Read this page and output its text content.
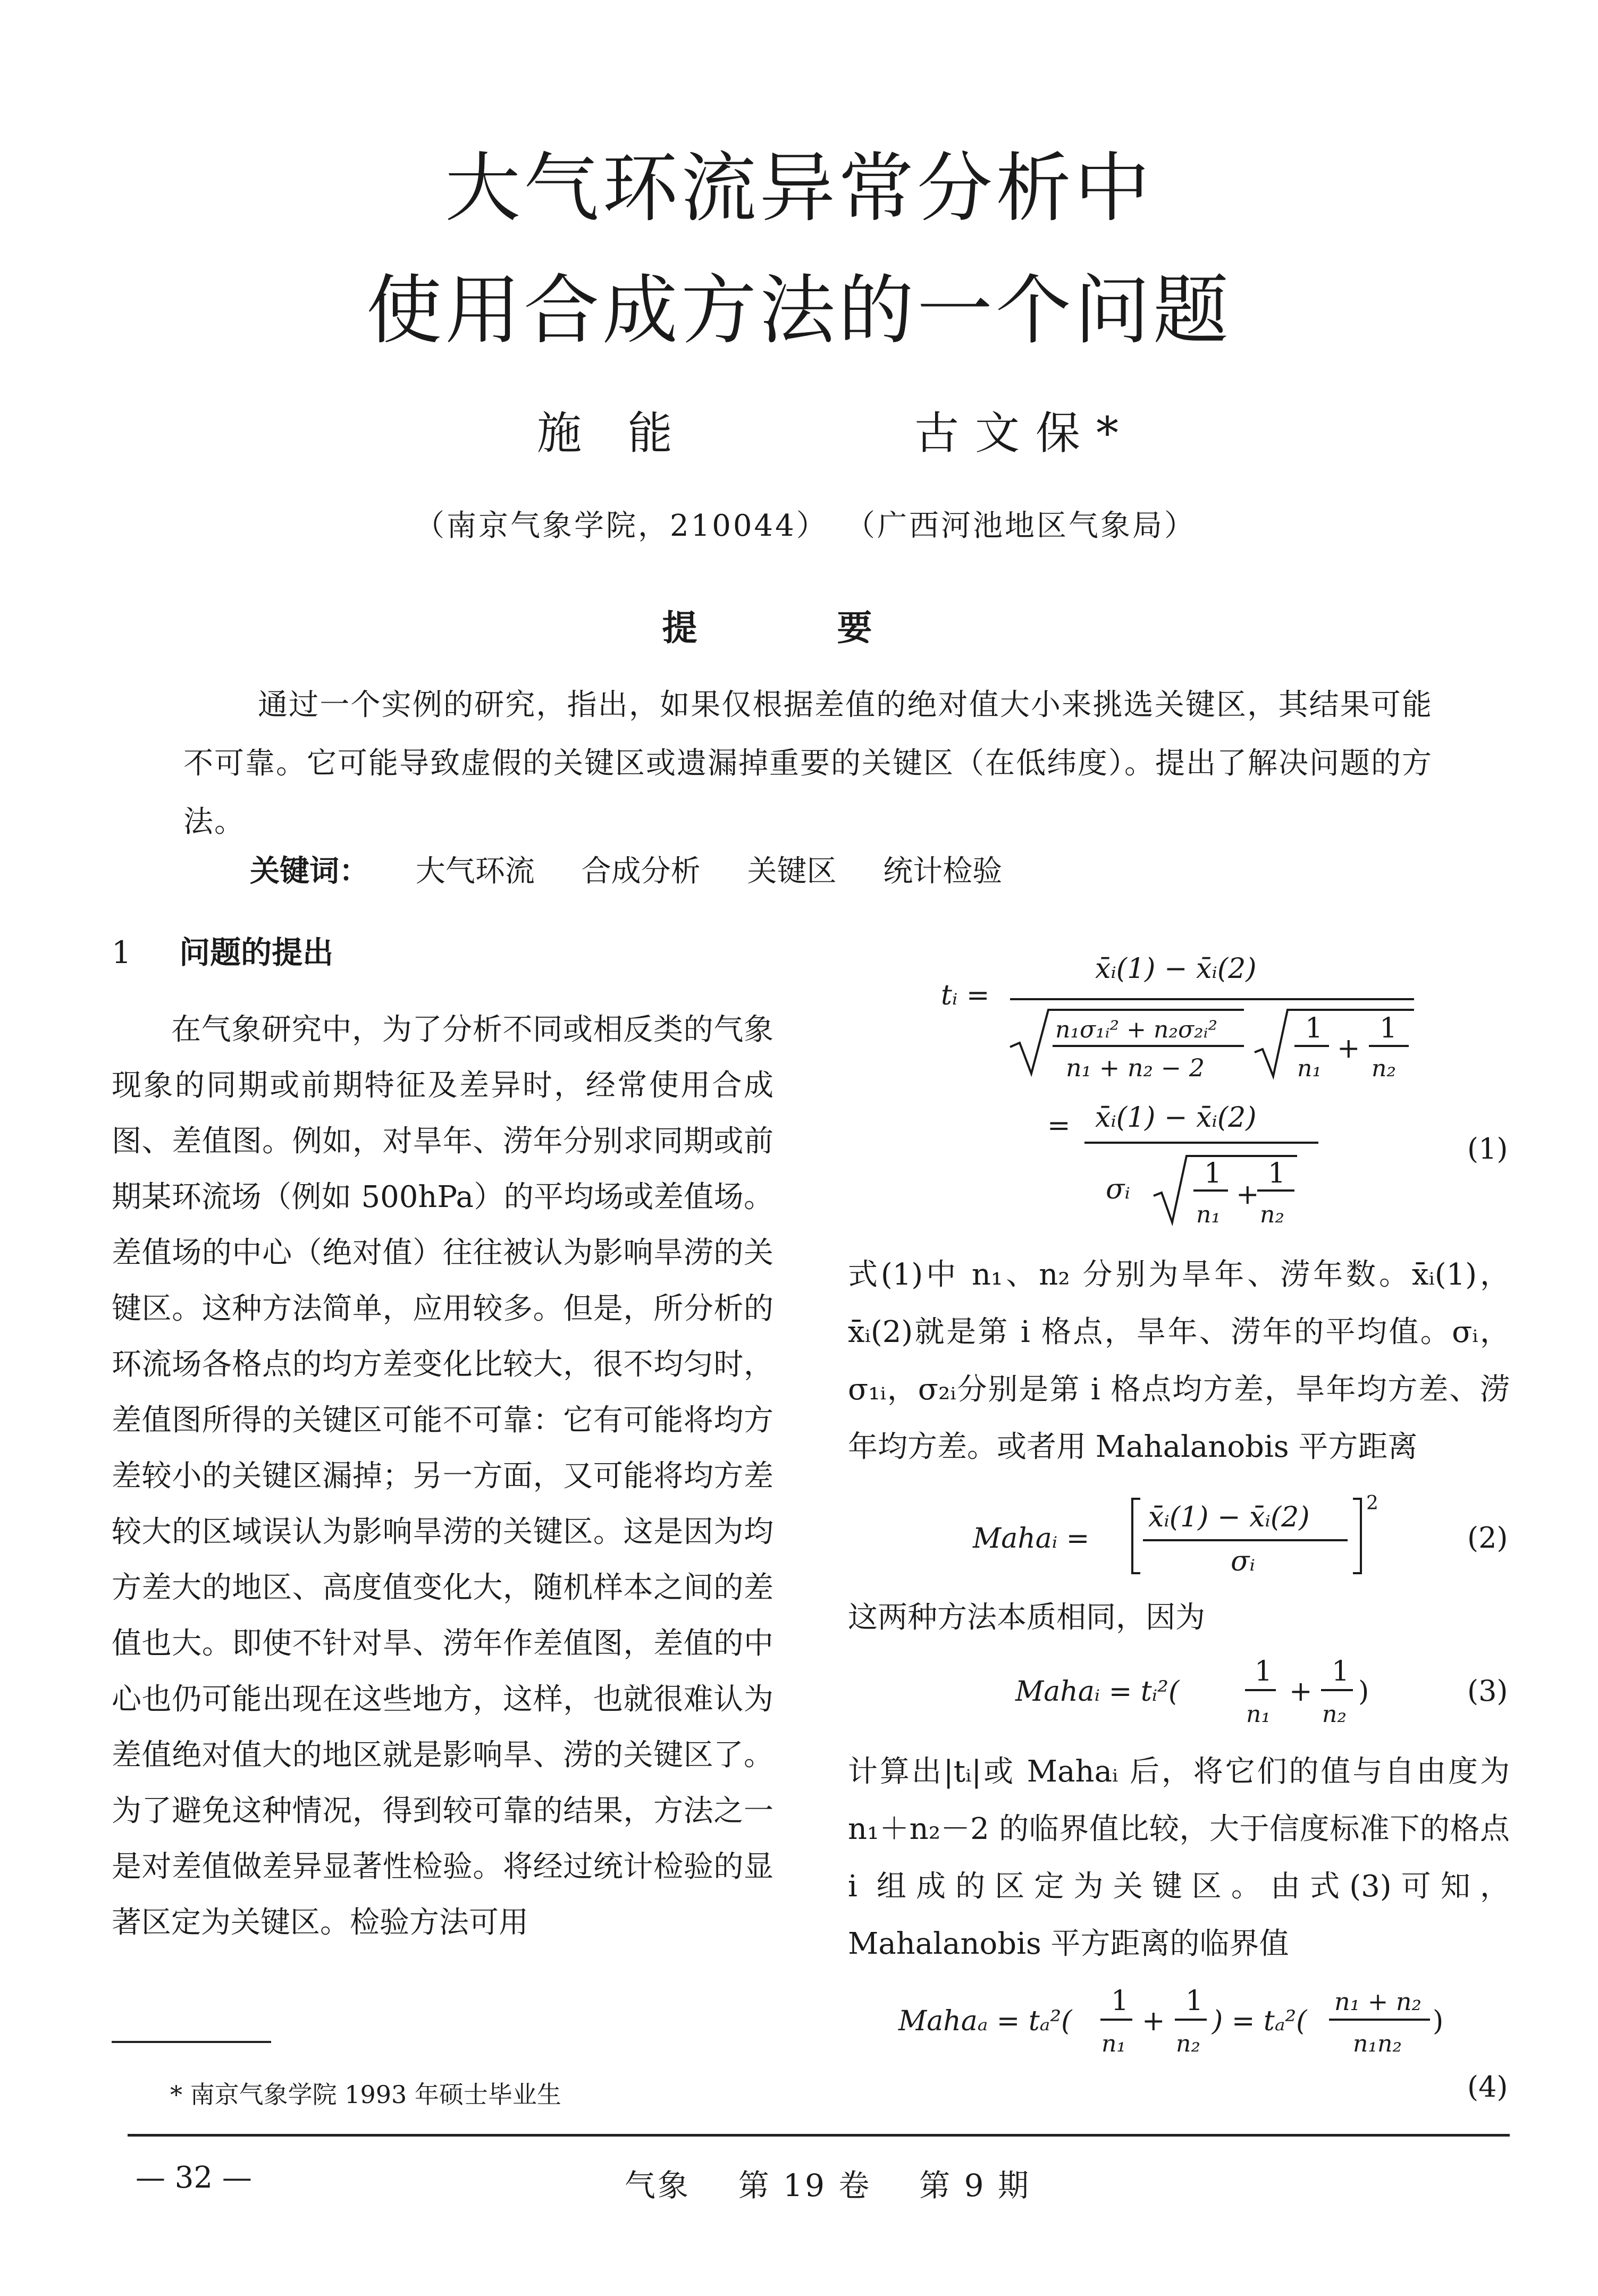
大气环流异常分析中
使用合成方法的一个问题
施 能	古文保*
（南京气象学院，210044） （广西河池地区气象局）
提 要

通过一个实例的研究，指出，如果仅根据差值的绝对值大小来挑选关键区，其结果可能不可靠。它可能导致虚假的关键区或遗漏掉重要的关键区（在低纬度）。提出了解决问题的方法。

关键词： 大气环流 合成分析 关键区 统计检验
1 问题的提出

在气象研究中，为了分析不同或相反类的气象现象的同期或前期特征及差异时，经常使用合成图、差值图。例如，对旱年、涝年分别求同期或前期某环流场（例如 500hPa）的平均场或差值场。差值场的中心（绝对值）往往被认为影响旱涝的关键区。这种方法简单，应用较多。但是，所分析的环流场各格点的均方差变化比较大，很不均匀时，差值图所得的关键区可能不可靠：它有可能将均方差较小的关键区漏掉；另一方面，又可能将均方差较大的区域误认为影响旱涝的关键区。这是因为均方差大的地区、高度值变化大，随机样本之间的差值也大。即使不针对旱、涝年作差值图，差值的中心也仍可能出现在这些地方，这样，也就很难认为差值绝对值大的地区就是影响旱、涝的关键区了。为了避免这种情况，得到较可靠的结果，方法之一是对差值做差异显著性检验。将经过统计检验的显著区定为关键区。检验方法可用

tᵢ =
x̄ᵢ(1) − x̄ᵢ(2)
n₁σ₁ᵢ² + n₂σ₂ᵢ²
n₁ + n₂ − 2
1
n₁
+
1
n₂
= x̄ᵢ(1) − x̄ᵢ(2)
σᵢ	1
n₁
+
1
n₂
(1)

式(1)中 n₁、n₂ 分别为旱年、涝年数。x̄ᵢ(1)，x̄ᵢ(2)就是第 i 格点，旱年、涝年的平均值。σᵢ，σ₁ᵢ，σ₂ᵢ分别是第 i 格点均方差，旱年均方差、涝年均方差。或者用 Mahalanobis 平方距离

Mahaᵢ =
x̄ᵢ(1) − x̄ᵢ(2)
σᵢ
2
(2)

这两种方法本质相同，因为

Mahaᵢ = tᵢ²(
1
n₁
+
1
n₂
)	(3)

计算出|tᵢ|或 Mahaᵢ 后，将它们的值与自由度为 n₁＋n₂－2 的临界值比较，大于信度标准下的格点 i 组成的区定为关键区。由式(3)可知，Mahalanobis 平方距离的临界值

Mahaₐ = tₐ²(
1
n₁
+
1
n₂
) = tₐ²(
n₁ + n₂
n₁n₂
)
(4)
* 南京气象学院 1993 年硕士毕业生
— 32 —	气象    第 19 卷    第 9 期
